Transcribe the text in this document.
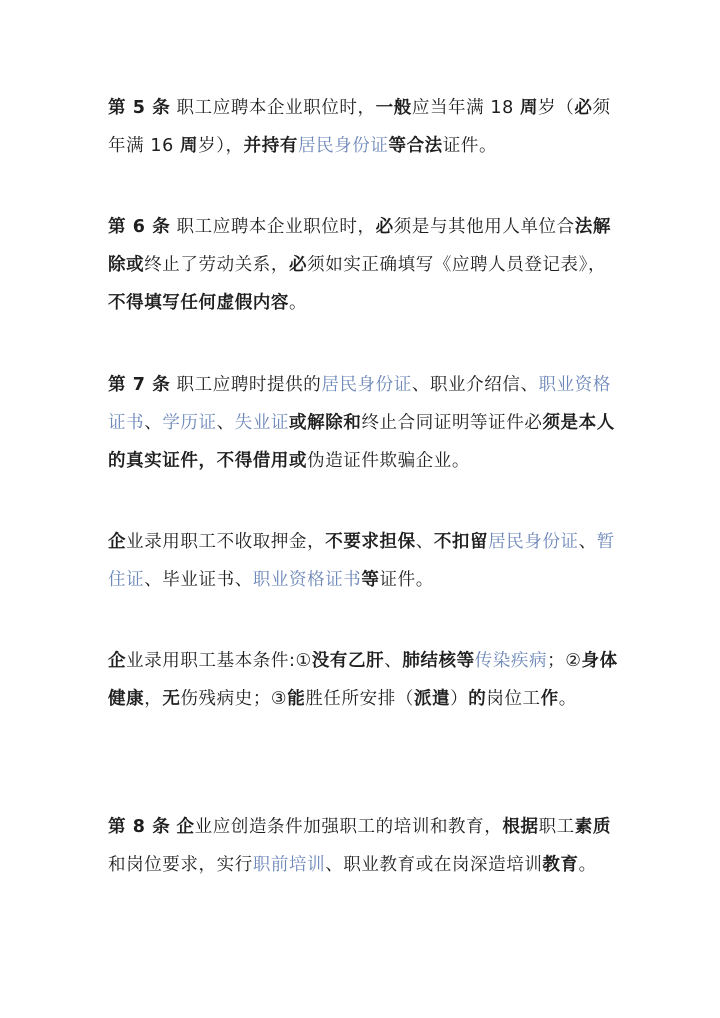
第 5 条 职工应聘本企业职位时，一般应当年满 18 周岁（必须年满 16 周岁），并持有居民身份证等合法证件。
第 6 条 职工应聘本企业职位时，必须是与其他用人单位合法解除或终止了劳动关系，必须如实正确填写《应聘人员登记表》，不得填写任何虚假内容。
第 7 条 职工应聘时提供的居民身份证、职业介绍信、职业资格证书、学历证、失业证或解除和终止合同证明等证件必须是本人的真实证件，不得借用或伪造证件欺骗企业。
企业录用职工不收取押金，不要求担保、不扣留居民身份证、暂住证、毕业证书、职业资格证书等证件。
企业录用职工基本条件:①没有乙肝、肺结核等传染疾病；②身体健康，无伤残病史；③能胜任所安排（派遣）的岗位工作。
第 8 条 企业应创造条件加强职工的培训和教育，根据职工素质和岗位要求，实行职前培训、职业教育或在岗深造培训教育。
